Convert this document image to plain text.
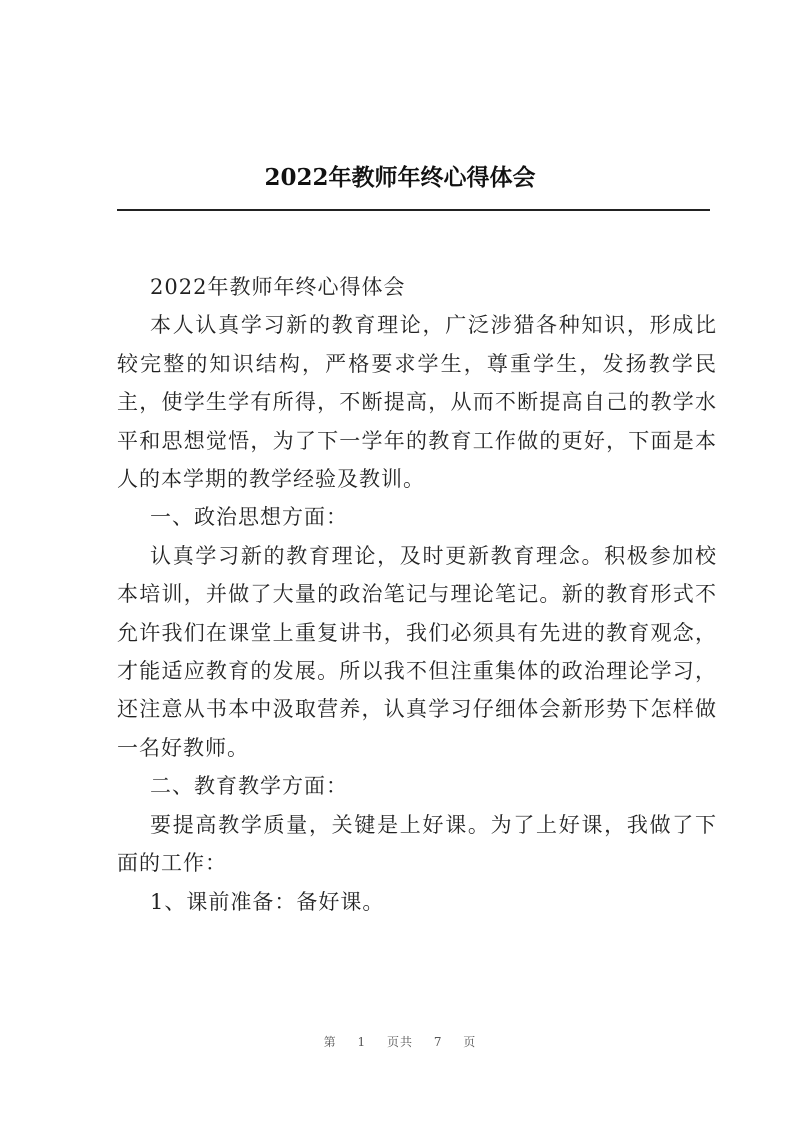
2022年教师年终心得体会

2022年教师年终心得体会

本人认真学习新的教育理论，广泛涉猎各种知识，形成比较完整的知识结构，严格要求学生，尊重学生，发扬教学民主，使学生学有所得，不断提高，从而不断提高自己的教学水平和思想觉悟，为了下一学年的教育工作做的更好，下面是本人的本学期的教学经验及教训。

一、政治思想方面：

认真学习新的教育理论，及时更新教育理念。积极参加校本培训，并做了大量的政治笔记与理论笔记。新的教育形式不允许我们在课堂上重复讲书，我们必须具有先进的教育观念，才能适应教育的发展。所以我不但注重集体的政治理论学习，还注意从书本中汲取营养，认真学习仔细体会新形势下怎样做一名好教师。

二、教育教学方面：

要提高教学质量，关键是上好课。为了上好课，我做了下面的工作：

1、课前准备：备好课。

第 1 页共 7 页
